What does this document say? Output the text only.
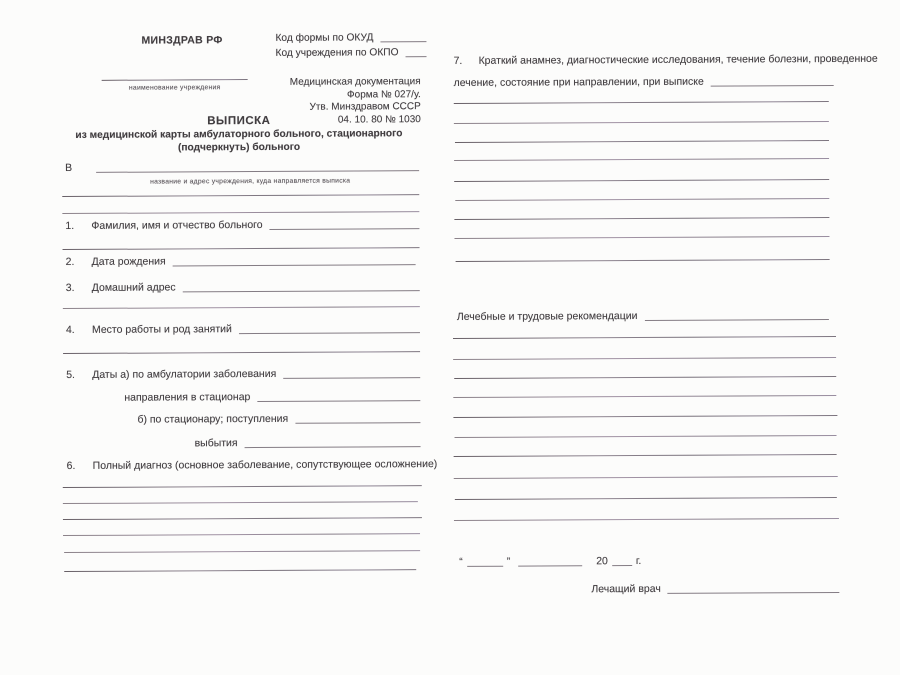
МИНЗДРАВ РФ	Код формы по ОКУД
Код учреждения по ОКПО
наименование учреждения
Медицинская документация
Форма № 027/у.
Утв. Минздравом СССР
04. 10. 80 № 1030
ВЫПИСКА
из медицинской карты амбулаторного больного, стационарного
(подчеркнуть) больного
В
название и адрес учреждения, куда направляется выписка
1.	Фамилия, имя и отчество больного
2.	Дата рождения
3.	Домашний адрес
4.	Место работы и род занятий
5.	Даты а) по амбулатории заболевания
направления в стационар
б) по стационару; поступления
выбытия
6.	Полный диагноз (основное заболевание, сопутствующее осложнение)
7.	Краткий анамнез, диагностические исследования, течение болезни, проведенное
лечение, состояние при направлении, при выписке
Лечебные и трудовые рекомендации
“	”	20	г.
Лечащий врач
